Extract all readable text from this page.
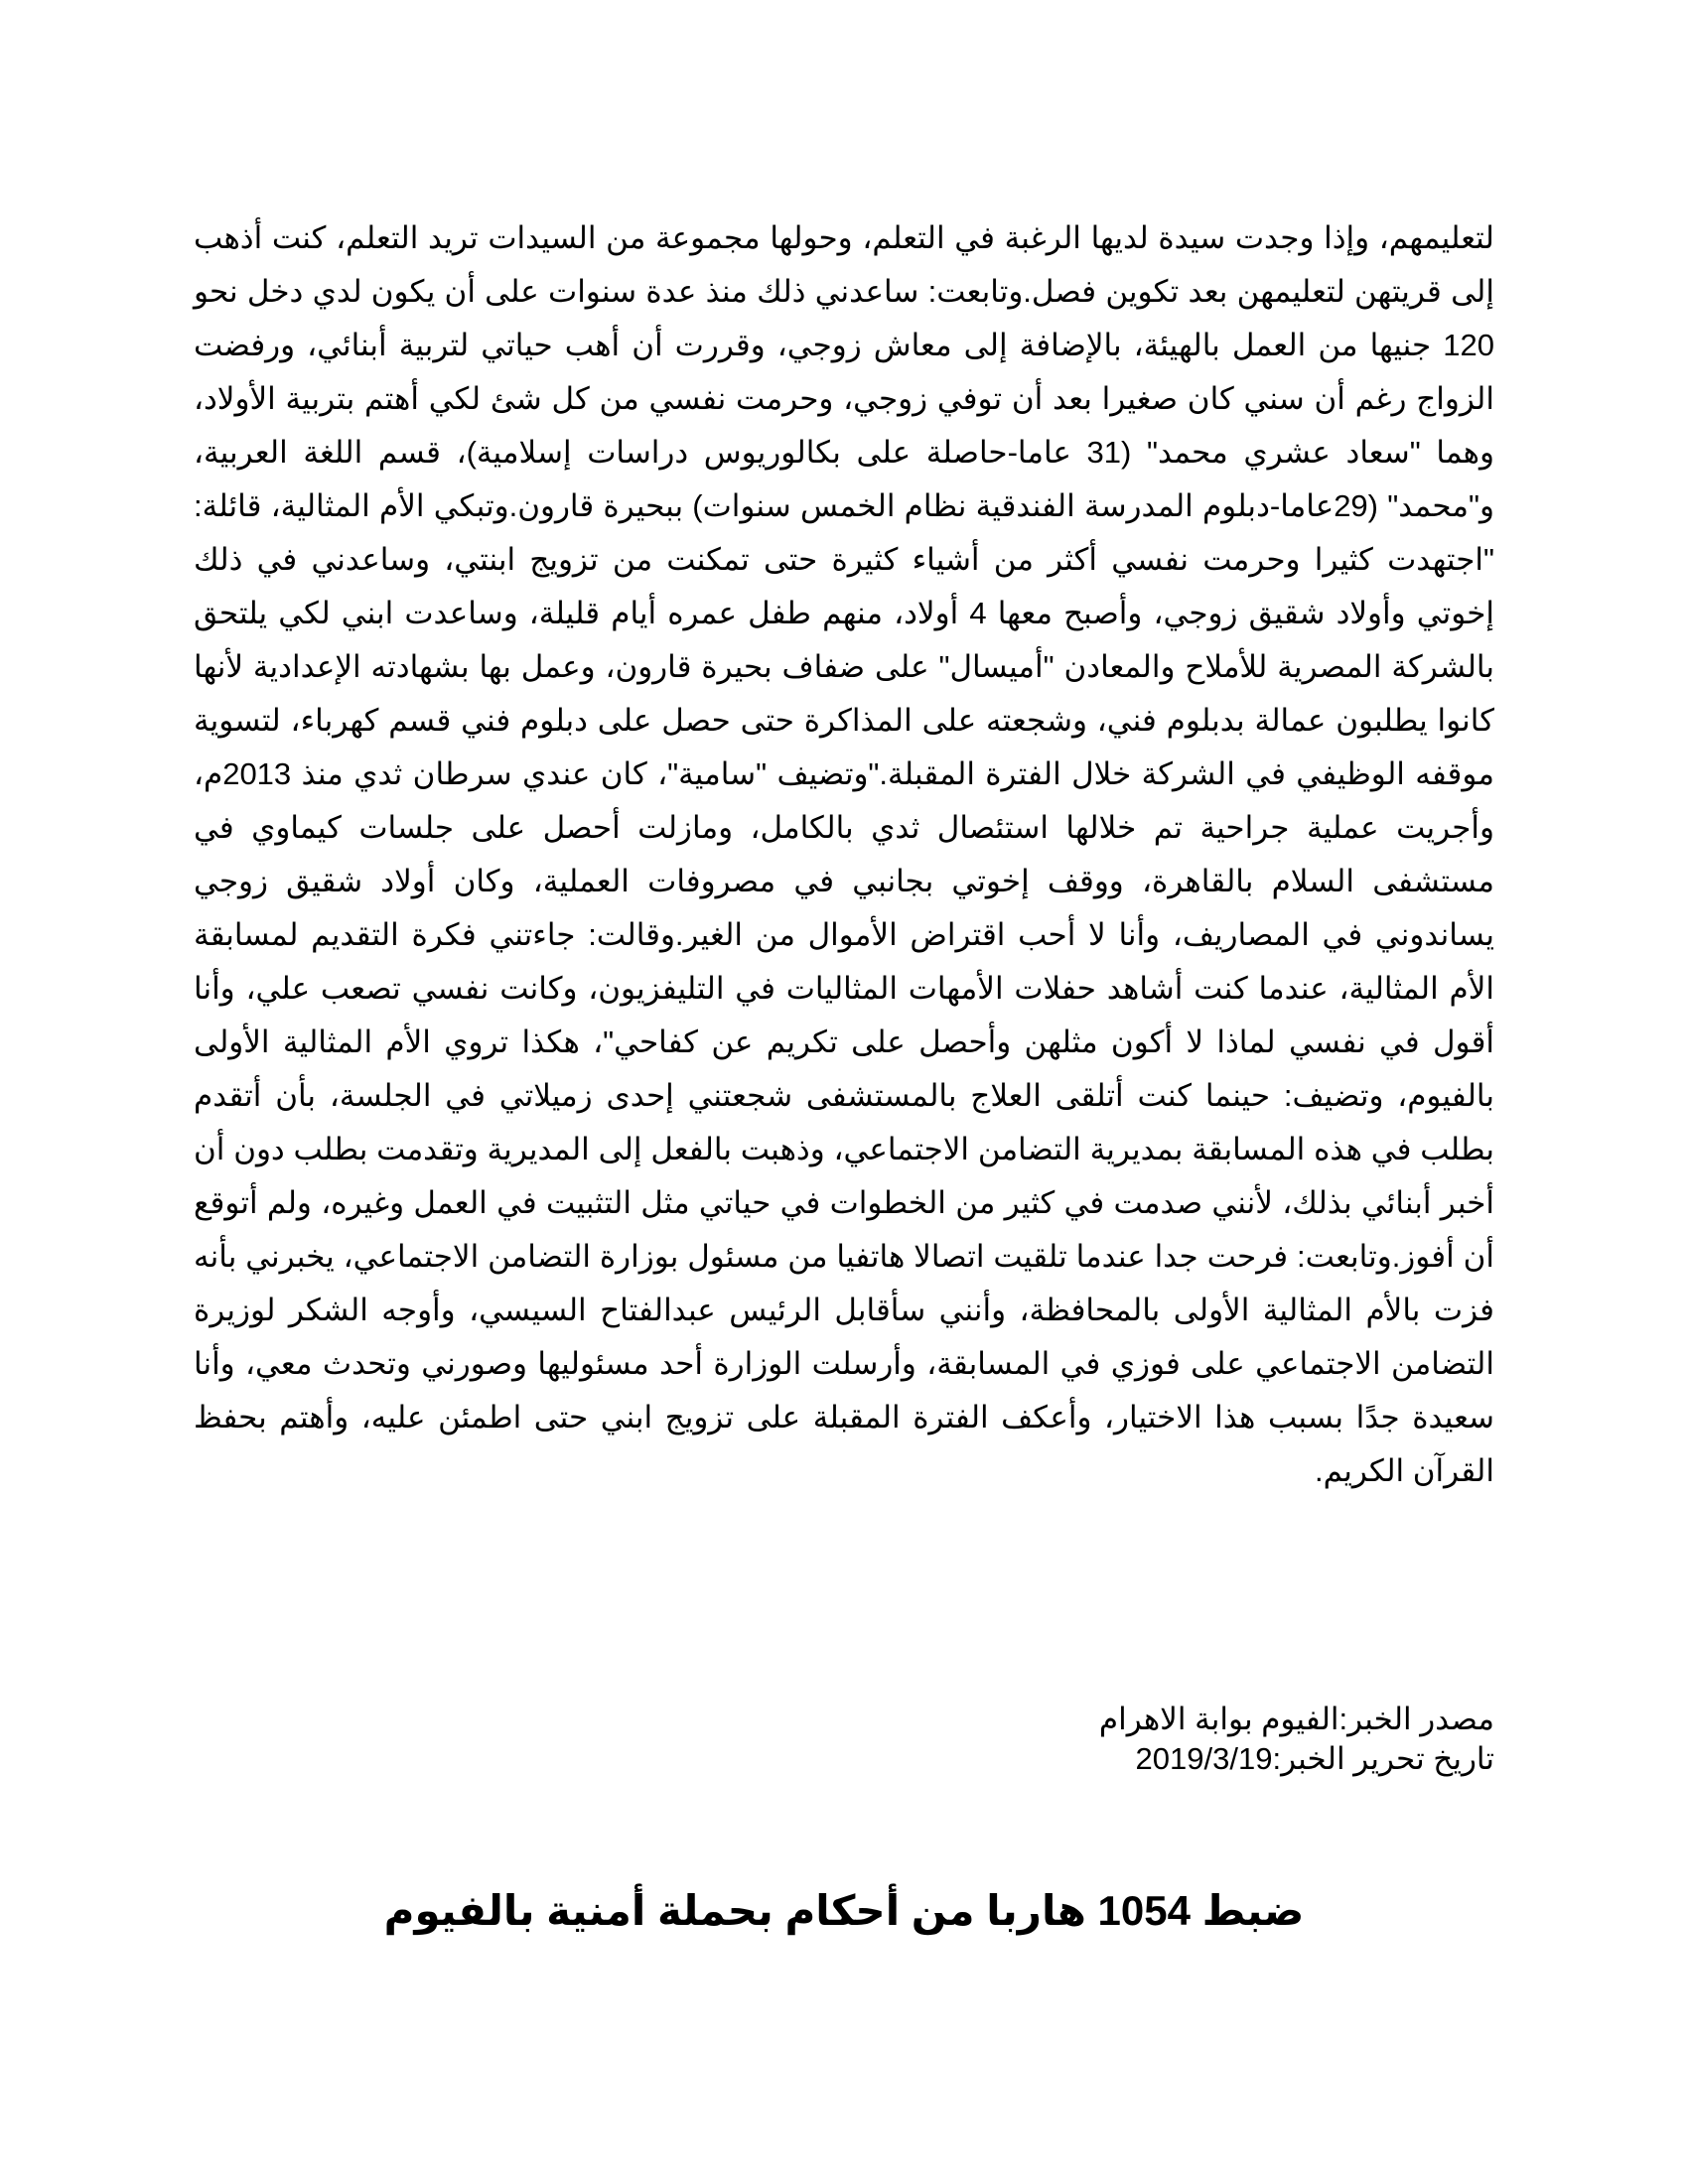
لتعليمهم، وإذا وجدت سيدة لديها الرغبة في التعلم، وحولها مجموعة من السيدات تريد التعلم، كنت أذهب إلى قريتهن لتعليمهن بعد تكوين فصل.وتابعت: ساعدني ذلك منذ عدة سنوات على أن يكون لدي دخل نحو 120 جنيها من العمل بالهيئة، بالإضافة إلى معاش زوجي، وقررت أن أهب حياتي لتربية أبنائي، ورفضت الزواج رغم أن سني كان صغيرا بعد أن توفي زوجي، وحرمت نفسي من كل شئ لكي أهتم بتربية الأولاد، وهما "سعاد عشري محمد" (31 عاما-حاصلة على بكالوريوس دراسات إسلامية)، قسم اللغة العربية، و"محمد" (29عاما-دبلوم المدرسة الفندقية نظام الخمس سنوات) ببحيرة قارون.وتبكي الأم المثالية، قائلة: "اجتهدت كثيرا وحرمت نفسي أكثر من أشياء كثيرة حتى تمكنت من تزويج ابنتي، وساعدني في ذلك إخوتي وأولاد شقيق زوجي، وأصبح معها 4 أولاد، منهم طفل عمره أيام قليلة، وساعدت ابني لكي يلتحق بالشركة المصرية للأملاح والمعادن "أميسال" على ضفاف بحيرة قارون، وعمل بها بشهادته الإعدادية لأنها كانوا يطلبون عمالة بدبلوم فني، وشجعته على المذاكرة حتى حصل على دبلوم فني قسم كهرباء، لتسوية موقفه الوظيفي في الشركة خلال الفترة المقبلة."وتضيف "سامية"، كان عندي سرطان ثدي منذ 2013م، وأجريت عملية جراحية تم خلالها استئصال ثدي بالكامل، ومازلت أحصل على جلسات كيماوي في مستشفى السلام بالقاهرة، ووقف إخوتي بجانبي في مصروفات العملية، وكان أولاد شقيق زوجي يساندوني في المصاريف، وأنا لا أحب اقتراض الأموال من الغير.وقالت: جاءتني فكرة التقديم لمسابقة الأم المثالية، عندما كنت أشاهد حفلات الأمهات المثاليات في التليفزيون، وكانت نفسي تصعب علي، وأنا أقول في نفسي لماذا لا أكون مثلهن وأحصل على تكريم عن كفاحي"، هكذا تروي الأم المثالية الأولى بالفيوم، وتضيف: حينما كنت أتلقى العلاج بالمستشفى شجعتني إحدى زميلاتي في الجلسة، بأن أتقدم بطلب في هذه المسابقة بمديرية التضامن الاجتماعي، وذهبت بالفعل إلى المديرية وتقدمت بطلب دون أن أخبر أبنائي بذلك، لأنني صدمت في كثير من الخطوات في حياتي مثل التثبيت في العمل وغيره، ولم أتوقع أن أفوز.وتابعت: فرحت جدا عندما تلقيت اتصالا هاتفيا من مسئول بوزارة التضامن الاجتماعي، يخبرني بأنه فزت بالأم المثالية الأولى بالمحافظة، وأنني سأقابل الرئيس عبدالفتاح السيسي، وأوجه الشكر لوزيرة التضامن الاجتماعي على فوزي في المسابقة، وأرسلت الوزارة أحد مسئوليها وصورني وتحدث معي، وأنا سعيدة جدًا بسبب هذا الاختيار، وأعكف الفترة المقبلة على تزويج ابني حتى اطمئن عليه، وأهتم بحفظ القرآن الكريم.

مصدر الخبر:الفيوم بوابة الاهرام
تاريخ تحرير الخبر:2019/3/19
ضبط 1054 هاربا من أحكام بحملة أمنية بالفيوم
